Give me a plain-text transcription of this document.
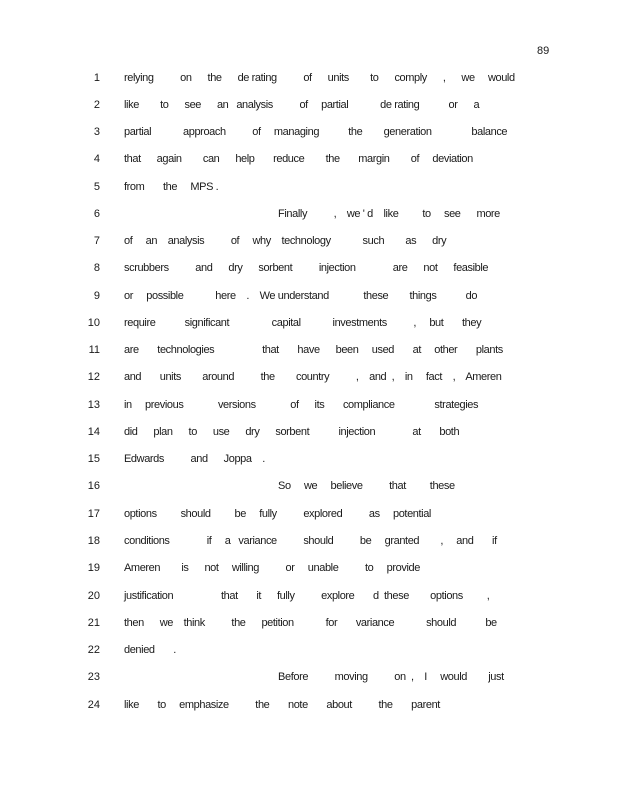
89
1 relying          on      the      de rating          of      units        to      comply      ,      we     would
2 like        to      see      an   analysis          of     partial            de rating           or      a
3 partial            approach          of     managing           the        generation               balance
4 that      again        can      help       reduce        the       margin        of     deviation
5 from       the     MPS .
6 Finally          ,    we ' d    like         to     see      more
7 of     an    analysis          of     why    technology            such        as      dry
8 scrubbers          and      dry      sorbent          injection              are      not      feasible
9 or     possible            here    .    We understand             these        things           do
10 require           significant                capital            investments          ,     but       they
11 are       technologies                  that       have      been     used       at     other       plants
12 and       units        around          the        country          ,    and  ,    in     fact    ,    Ameren
13 in     previous             versions             of      its       compliance               strategies
14 did      plan      to      use      dry      sorbent           injection              at       both
15 Edwards          and      Joppa    .
16 So     we     believe          that         these
17 options         should         be     fully          explored          as     potential
18 conditions              if     a   variance          should          be     granted        ,     and       if
19 Ameren        is      not     willing          or     unable          to     provide
20 justification                  that       it      fully          explore       d  these        options         ,
21 then      we    think          the      petition            for       variance            should           be
22 denied       .
23 Before          moving          on  ,    I     would        just
24 like       to     emphasize          the       note       about          the       parent
